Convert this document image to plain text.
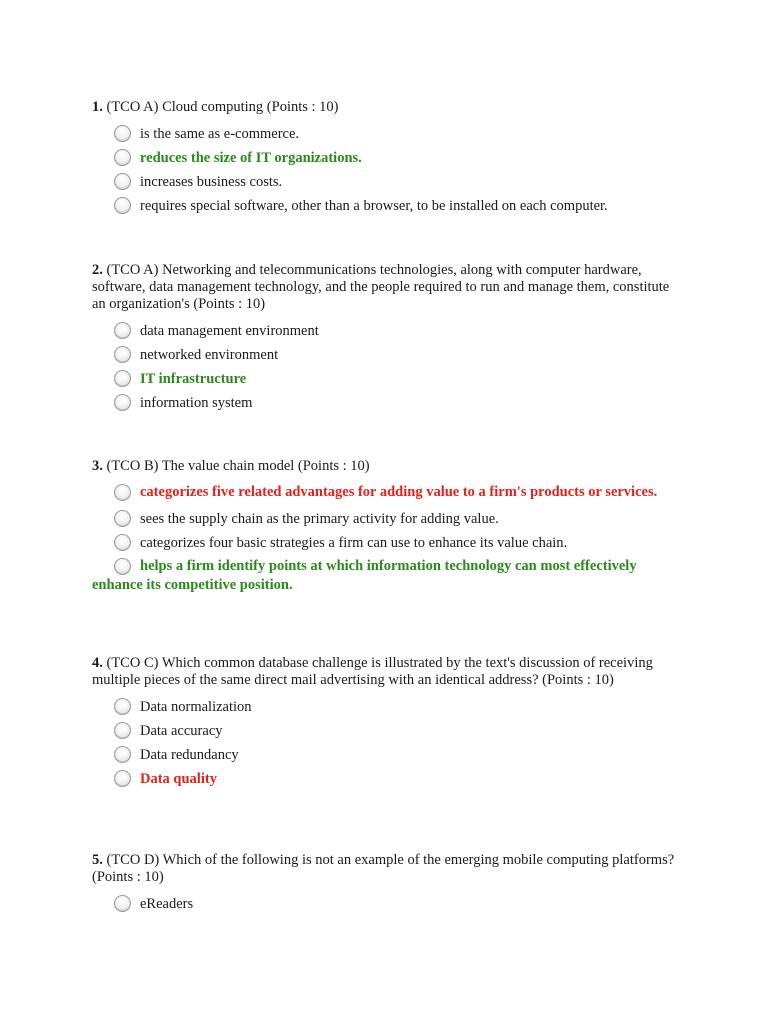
1. (TCO A) Cloud computing (Points : 10)
is the same as e-commerce.
reduces the size of IT organizations.
increases business costs.
requires special software, other than a browser, to be installed on each computer.
2. (TCO A) Networking and telecommunications technologies, along with computer hardware, software, data management technology, and the people required to run and manage them, constitute an organization's (Points : 10)
data management environment
networked environment
IT infrastructure
information system
3. (TCO B) The value chain model (Points : 10)
categorizes five related advantages for adding value to a firm's products or services.
sees the supply chain as the primary activity for adding value.
categorizes four basic strategies a firm can use to enhance its value chain.
helps a firm identify points at which information technology can most effectively enhance its competitive position.
4. (TCO C) Which common database challenge is illustrated by the text's discussion of receiving multiple pieces of the same direct mail advertising with an identical address? (Points : 10)
Data normalization
Data accuracy
Data redundancy
Data quality
5. (TCO D) Which of the following is not an example of the emerging mobile computing platforms? (Points : 10)
eReaders
